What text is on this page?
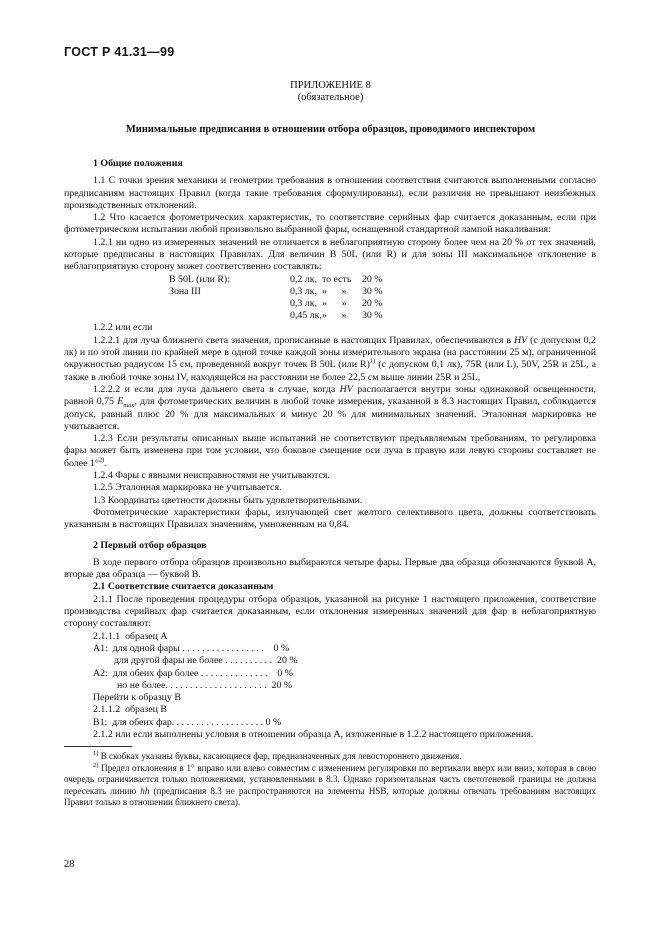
ГОСТ Р 41.31—99
ПРИЛОЖЕНИЕ 8
(обязательное)
Минимальные предписания в отношении отбора образцов, проводимого инспектором

1 Общие положения

1.1 С точки зрения механики и геометрии требования в отношении соответствия считаются выполненными согласно предписаниям настоящих Правил (когда такие требования сформулированы), если различия не превышают неизбежных производственных отклонений.

1.2 Что касается фотометрических характеристик, то соответствие серийных фар считается доказанным, если при фотометрическом испытании любой произвольно выбранной фары, оснащенной стандартной лампой накаливания:

1.2.1 ни одно из измеренных значений не отличается в неблагоприятную сторону более чем на 20 % от тех значений, которые предписаны в настоящих Правилах. Для величин В 50L (или R) и для зоны III максимальное отклонение в неблагоприятную сторону может соответственно составлять:

B 50L (или R):		0,2 лк,	то есть	20 %
Зона III		0,3 лк,	»      »	30 %
		0,3 лк,	»      »	20 %
		0,45 лк,	»      »	30 %

1.2.2 или если

1.2.2.1 для луча ближнего света значения, прописанные в настоящих Правилах, обеспечиваются в HV (с допуском 0,2 лк) и по этой линии по крайней мере в одной точке каждой зоны измерительного экрана (на расстоянии 25 м), ограниченной окружностью радиусом 15 см, проведенной вокруг точек В 50L (или R)$^{1)}$ (с допуском 0,1 лк), 75R (или L), 50V, 25R и 25L, а также в любой точке зоны IV, находящейся на расстоянии не более 22,5 см выше линии 25R и 25L,

1.2.2.2 и если для луча дальнего света в случае, когда HV располагается внутри зоны одинаковой освещенности, равной 0,75 $E_{max}$, для фотометрических величин в любой точке измерения, указанной в 8.3 настоящих Правил, соблюдается допуск, равный плюс 20 % для максимальных и минус 20 % для минимальных значений. Эталонная маркировка не учитывается.

1.2.3 Если результаты описанных выше испытаний не соответствуют предъявляемым требованиям, то регулировка фары может быть изменена при том условии, что боковое смещение оси луча в правую или левую стороны составляет не более 1°$^{2)}$.

1.2.4 Фары с явными неисправностями не учитываются.

1.2.5 Эталонная маркировка не учитывается.

1.3 Координаты цветности должны быть удовлетворительными.

Фотометрические характеристики фары, излучающей свет желтого селективного цвета, должны соответствовать указанным в настоящих Правилах значениям, умноженным на 0,84.

2 Первый отбор образцов

В ходе первого отбора образцов произвольно выбираются четыре фары. Первые два образца обозначаются буквой А, вторые два образца — буквой В.

2.1 Соответствие считается доказанным

2.1.1 После проведения процедуры отбора образцов, указанной на рисунке 1 настоящего приложения, соответствие производства серийных фар считается доказанным, если отклонения измеренных значений для фар в неблагоприятную сторону составляют:

2.1.1.1  образец А

А1:  для одной фары . . . . . . . . . . . . . . . . .    0 %

для другой фары не более . . . . . . . . . .  20 %

А2:  для обеих фар более . . . . . . . . . . . . . .    0 %

но не более. . . . . . . . . . . . . . . . . . . . .  20 %

Перейти к образцу В

2.1.1.2  образец В

В1:  для обеих фар. . . . . . . . . . . . . . . . . . . 0 %

2.1.2 или если выполнены условия в отношении образца А, изложенные в 1.2.2 настоящего приложения.

$^{1)}$ В скобках указаны буквы, касающиеся фар, предназначенных для левостороннего движения.

$^{2)}$ Предел отклонения в 1° вправо или влево совместим с изменением регулировки по вертикали вверх или вниз, которая в свою очередь ограничивается только положениями, установленными в 8.3. Однако горизонтальная часть светотеневой границы не должна пересекать линию hh (предписания 8.3 не распространяются на элементы HSB, которые должны отвечать требованиям настоящих Правил только в отношении ближнего света).

28
